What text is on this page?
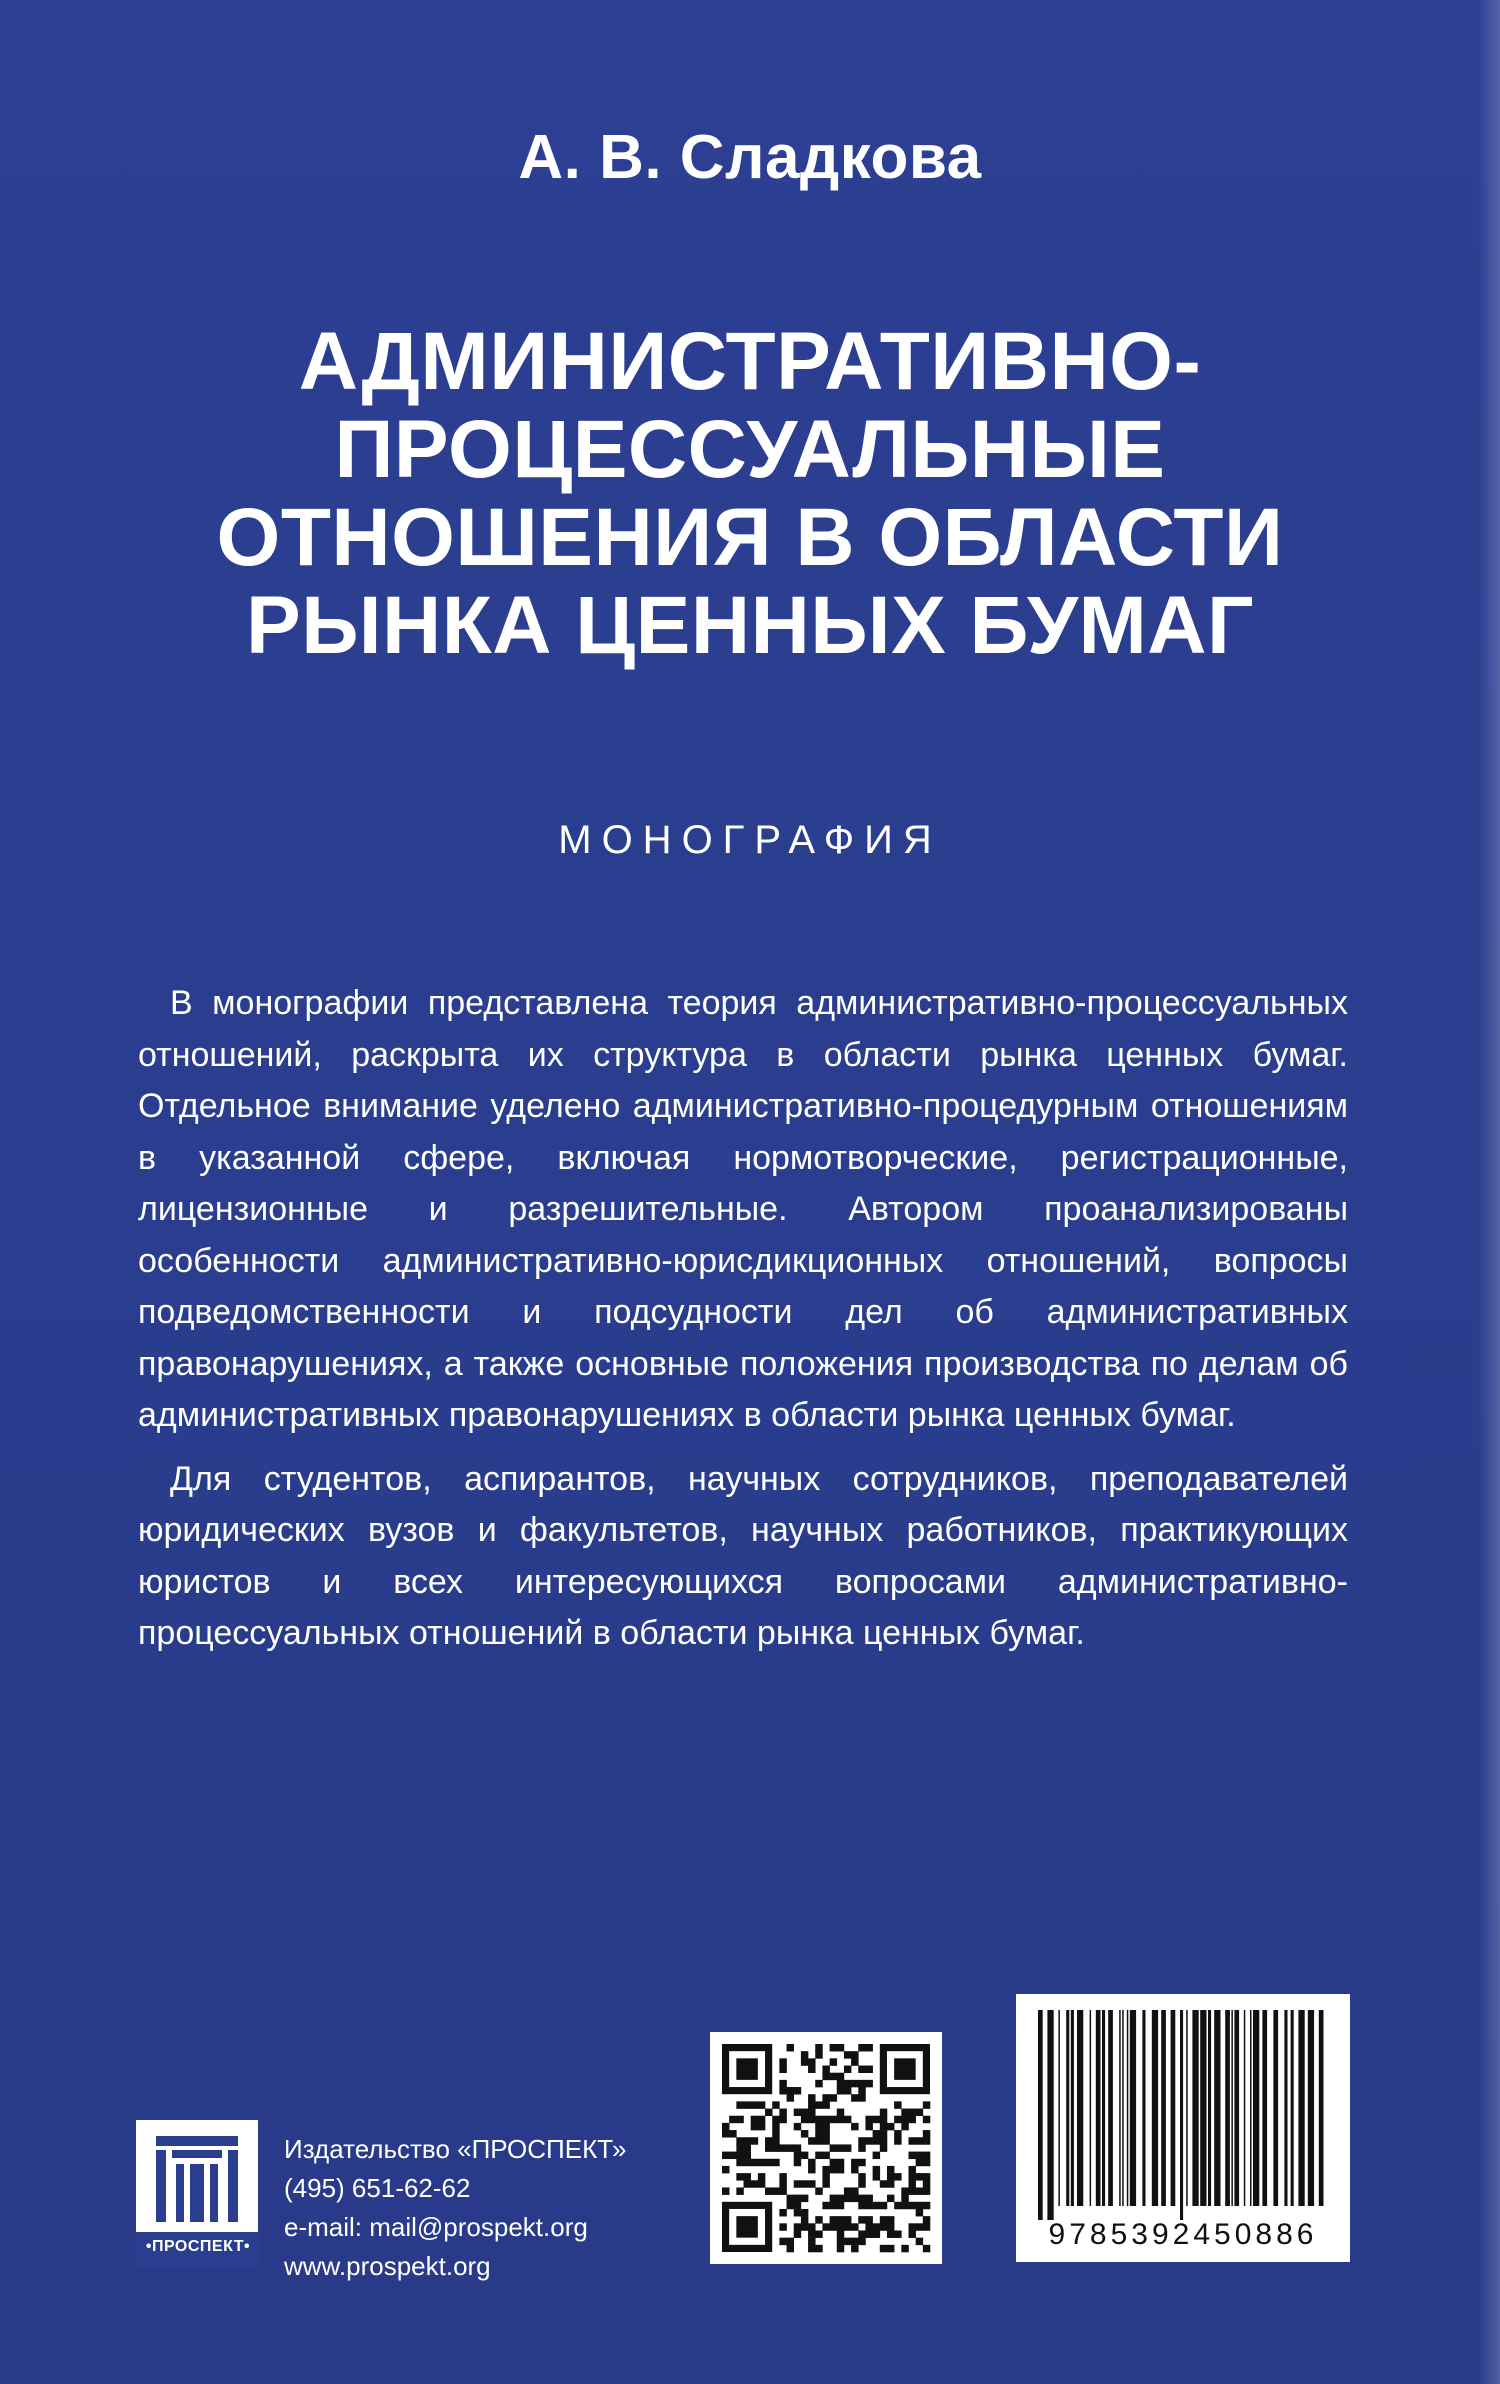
А. В. Сладкова
АДМИНИСТРАТИВНО-
ПРОЦЕССУАЛЬНЫЕ
ОТНОШЕНИЯ В ОБЛАСТИ
РЫНКА ЦЕННЫХ БУМАГ
МОНОГРАФИЯ

В монографии представлена теория административно-процессуальных отношений, раскрыта их структура в области рынка ценных бумаг. Отдельное внимание уделено административно-процедурным отношениям в указанной сфере, включая нормотворческие, регистрационные, лицензионные и разрешительные. Автором проанализированы особенности административно-юрисдикционных отношений, вопросы подведомственности и подсудности дел об административных правонарушениях, а также основные положения производства по делам об административных правонарушениях в области рынка ценных бумаг.

Для студентов, аспирантов, научных сотрудников, преподавателей юридических вузов и факультетов, научных работников, практикующих юристов и всех интересующихся вопросами административно-процессуальных отношений в области рынка ценных бумаг.

•ПРОСПЕКТ•
Издательство «ПРОСПЕКТ»
(495) 651-62-62
e-mail: mail@prospekt.org
www.prospekt.org
9785392450886
